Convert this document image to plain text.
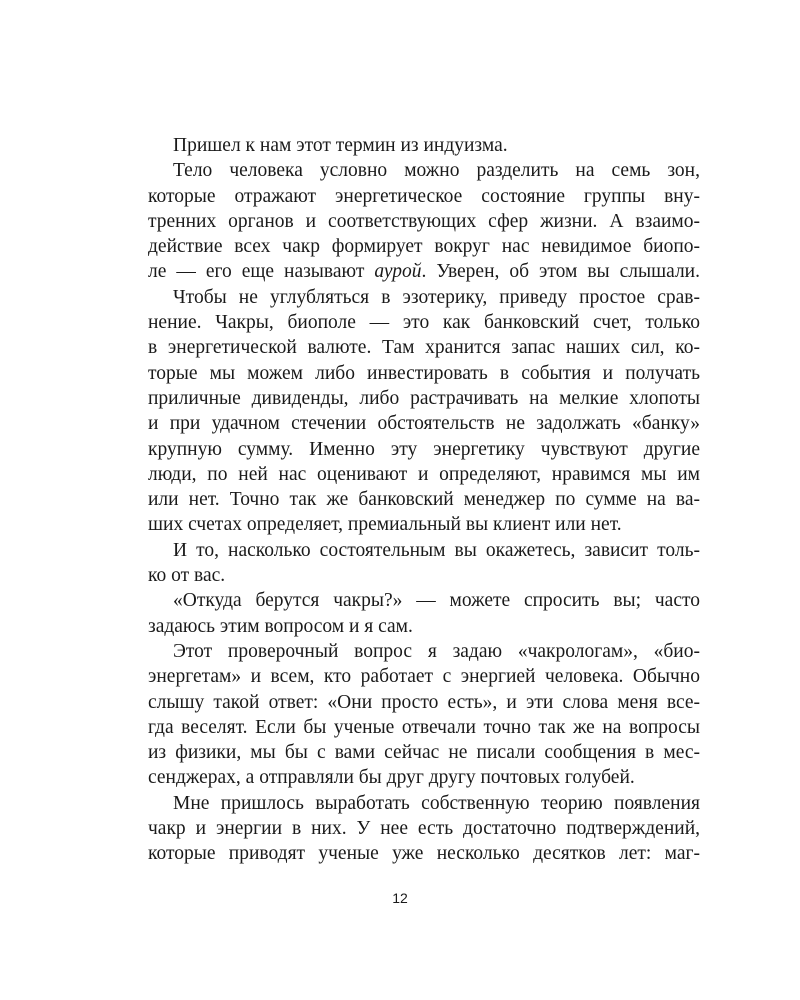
Пришел к нам этот термин из индуизма.
Тело человека условно можно разделить на семь зон,
которые отражают энергетическое состояние группы вну-
тренних органов и соответствующих сфер жизни. А взаимо-
действие всех чакр формирует вокруг нас невидимое биопо-
ле — его еще называют аурой. Уверен, об этом вы слышали.
Чтобы не углубляться в эзотерику, приведу простое срав-
нение. Чакры, биополе — это как банковский счет, только
в энергетической валюте. Там хранится запас наших сил, ко-
торые мы можем либо инвестировать в события и получать
приличные дивиденды, либо растрачивать на мелкие хлопоты
и при удачном стечении обстоятельств не задолжать «банку»
крупную сумму. Именно эту энергетику чувствуют другие
люди, по ней нас оценивают и определяют, нравимся мы им
или нет. Точно так же банковский менеджер по сумме на ва-
ших счетах определяет, премиальный вы клиент или нет.
И то, насколько состоятельным вы окажетесь, зависит толь-
ко от вас.
«Откуда берутся чакры?» — можете спросить вы; часто
задаюсь этим вопросом и я сам.
Этот проверочный вопрос я задаю «чакрологам», «био-
энергетам» и всем, кто работает с энергией человека. Обычно
слышу такой ответ: «Они просто есть», и эти слова меня все-
гда веселят. Если бы ученые отвечали точно так же на вопросы
из физики, мы бы с вами сейчас не писали сообщения в мес-
сенджерах, а отправляли бы друг другу почтовых голубей.
Мне пришлось выработать собственную теорию появления
чакр и энергии в них. У нее есть достаточно подтверждений,
которые приводят ученые уже несколько десятков лет: маг-
12
